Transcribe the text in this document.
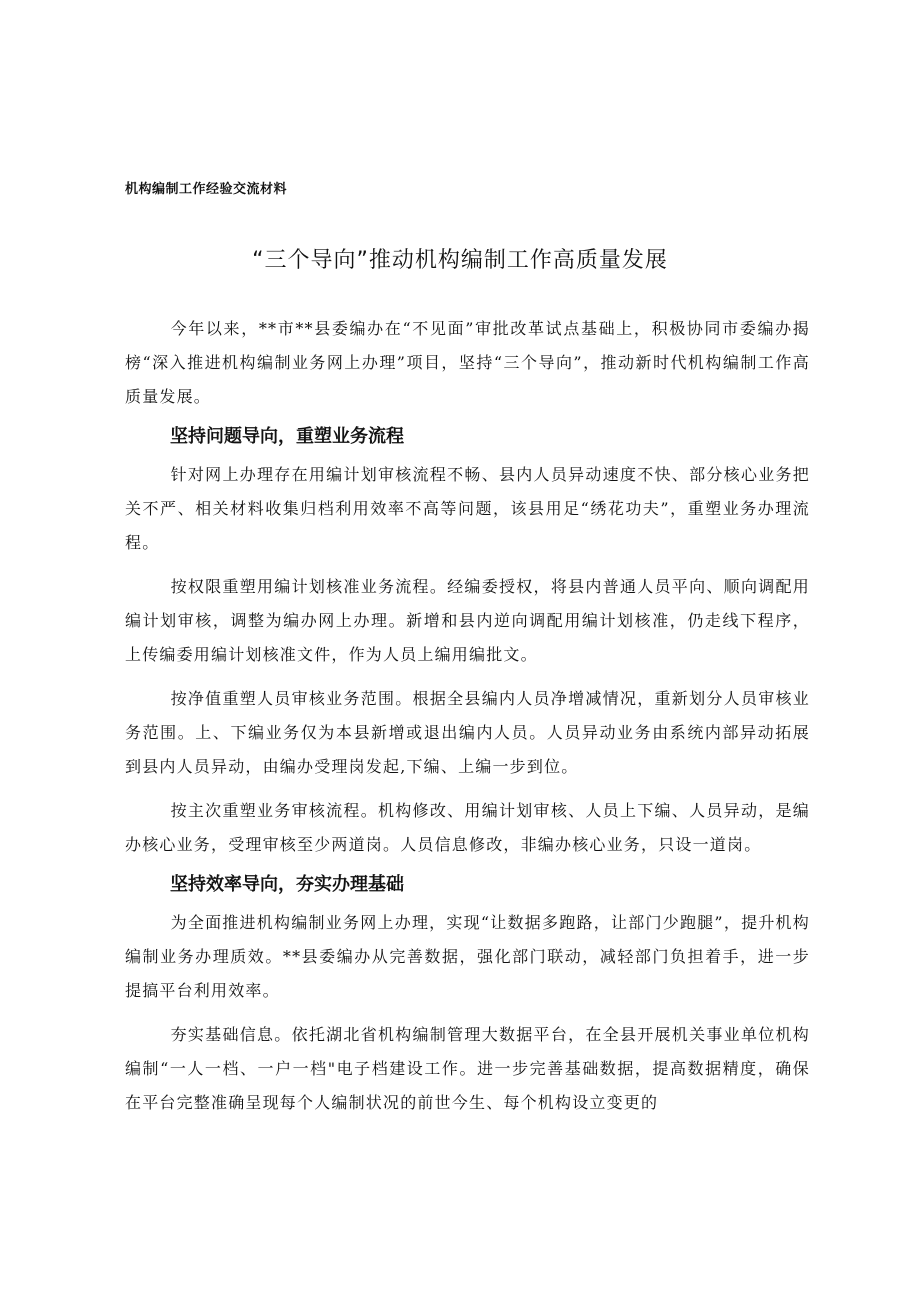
机构编制工作经验交流材料
“三个导向”推动机构编制工作高质量发展

今年以来，**市**县委编办在“不见面”审批改革试点基础上，积极协同市委编办揭榜“深入推进机构编制业务网上办理”项目，坚持“三个导向”，推动新时代机构编制工作高质量发展。

坚持问题导向，重塑业务流程

针对网上办理存在用编计划审核流程不畅、县内人员异动速度不快、部分核心业务把关不严、相关材料收集归档利用效率不高等问题，该县用足“绣花功夫”，重塑业务办理流程。

按权限重塑用编计划核准业务流程。经编委授权，将县内普通人员平向、顺向调配用编计划审核，调整为编办网上办理。新增和县内逆向调配用编计划核准，仍走线下程序，上传编委用编计划核准文件，作为人员上编用编批文。

按净值重塑人员审核业务范围。根据全县编内人员净增减情况，重新划分人员审核业务范围。上、下编业务仅为本县新增或退出编内人员。人员异动业务由系统内部异动拓展到县内人员异动，由编办受理岗发起,下编、上编一步到位。

按主次重塑业务审核流程。机构修改、用编计划审核、人员上下编、人员异动，是编办核心业务，受理审核至少两道岗。人员信息修改，非编办核心业务，只设一道岗。

坚持效率导向，夯实办理基础

为全面推进机构编制业务网上办理，实现“让数据多跑路，让部门少跑腿”，提升机构编制业务办理质效。**县委编办从完善数据，强化部门联动，减轻部门负担着手，进一步提搞平台利用效率。

夯实基础信息。依托湖北省机构编制管理大数据平台，在全县开展机关事业单位机构编制“一人一档、一户一档"电子档建设工作。进一步完善基础数据，提高数据精度，确保在平台完整准确呈现每个人编制状况的前世今生、每个机构设立变更的
